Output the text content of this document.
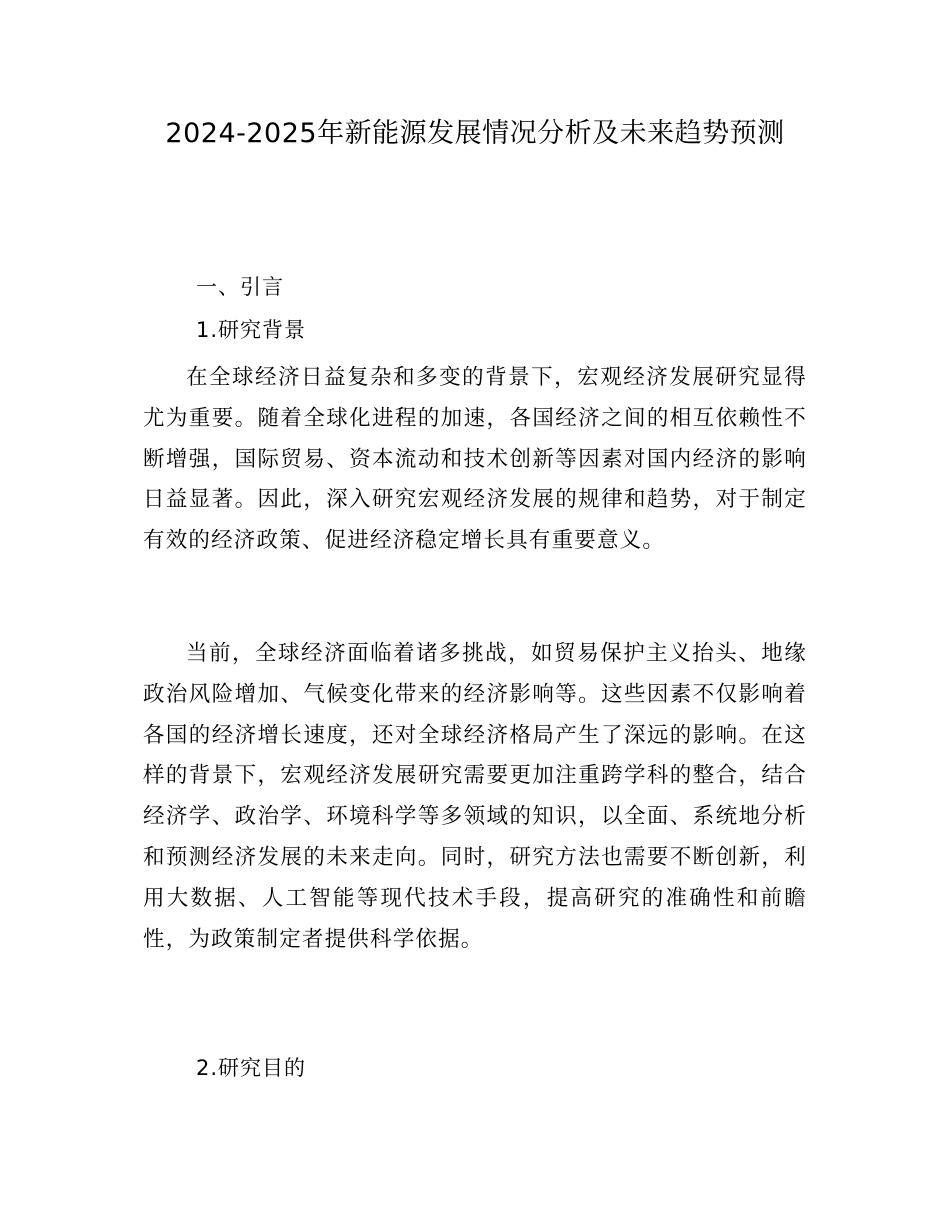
2024-2025年新能源发展情况分析及未来趋势预测
一、引言
1.研究背景

在全球经济日益复杂和多变的背景下，宏观经济发展研究显得尤为重要。随着全球化进程的加速，各国经济之间的相互依赖性不断增强，国际贸易、资本流动和技术创新等因素对国内经济的影响日益显著。因此，深入研究宏观经济发展的规律和趋势，对于制定有效的经济政策、促进经济稳定增长具有重要意义。

当前，全球经济面临着诸多挑战，如贸易保护主义抬头、地缘政治风险增加、气候变化带来的经济影响等。这些因素不仅影响着各国的经济增长速度，还对全球经济格局产生了深远的影响。在这样的背景下，宏观经济发展研究需要更加注重跨学科的整合，结合经济学、政治学、环境科学等多领域的知识，以全面、系统地分析和预测经济发展的未来走向。同时，研究方法也需要不断创新，利用大数据、人工智能等现代技术手段，提高研究的准确性和前瞻性，为政策制定者提供科学依据。

2.研究目的
